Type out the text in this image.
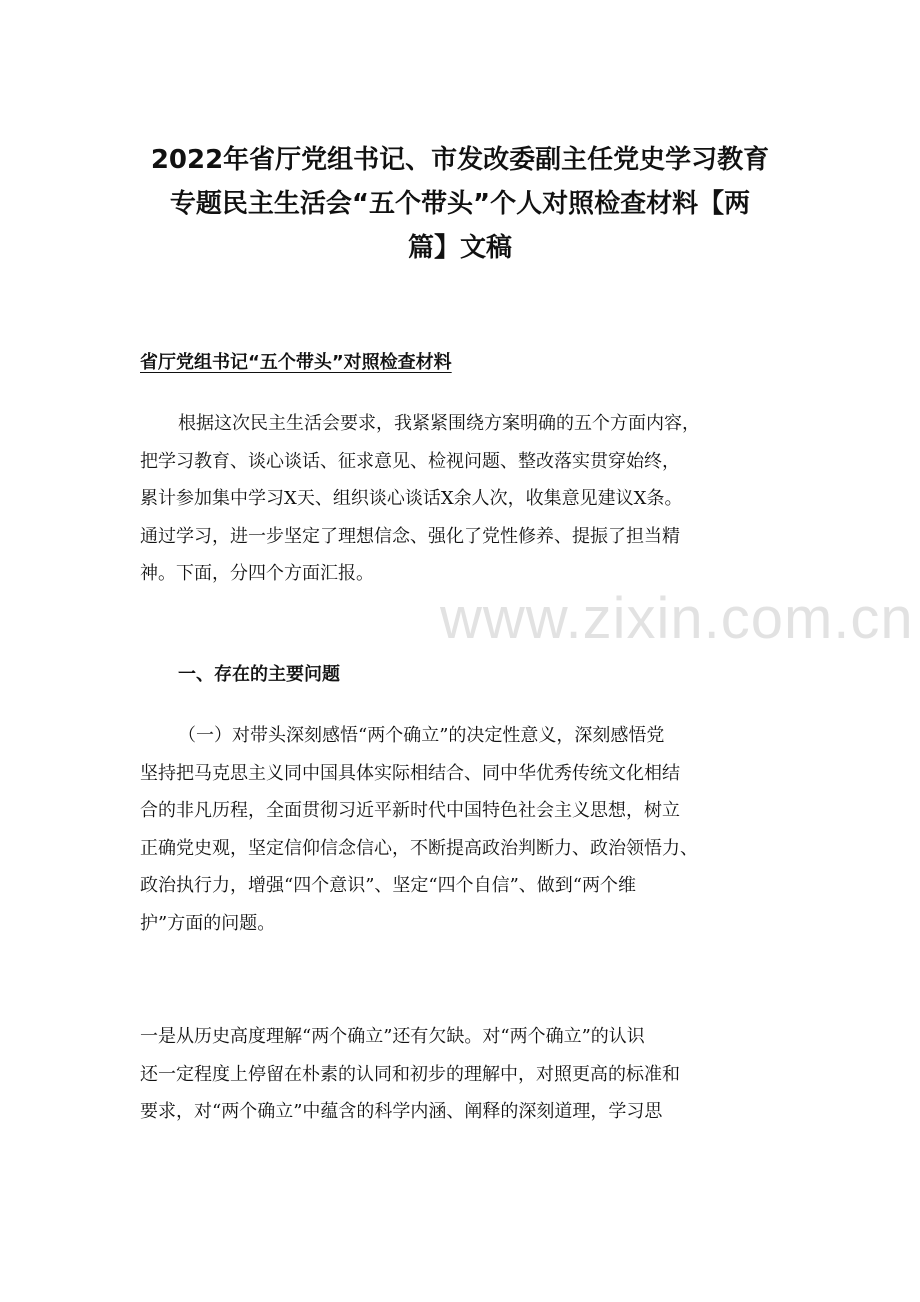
2022年省厅党组书记、市发改委副主任党史学习教育
专题民主生活会“五个带头”个人对照检查材料【两
篇】文稿
省厅党组书记“五个带头”对照检查材料
根据这次民主生活会要求，我紧紧围绕方案明确的五个方面内容，
把学习教育、谈心谈话、征求意见、检视问题、整改落实贯穿始终，
累计参加集中学习X天、组织谈心谈话X余人次，收集意见建议X条。
通过学习，进一步坚定了理想信念、强化了党性修养、提振了担当精
神。下面，分四个方面汇报。
一、存在的主要问题
（一）对带头深刻感悟“两个确立”的决定性意义，深刻感悟党
坚持把马克思主义同中国具体实际相结合、同中华优秀传统文化相结
合的非凡历程，全面贯彻习近平新时代中国特色社会主义思想，树立
正确党史观，坚定信仰信念信心，不断提高政治判断力、政治领悟力、
政治执行力，增强“四个意识”、坚定“四个自信”、做到“两个维
护”方面的问题。
一是从历史高度理解“两个确立”还有欠缺。对“两个确立”的认识
还一定程度上停留在朴素的认同和初步的理解中，对照更高的标准和
要求，对“两个确立”中蕴含的科学内涵、阐释的深刻道理，学习思
www.zixin.com.cn
